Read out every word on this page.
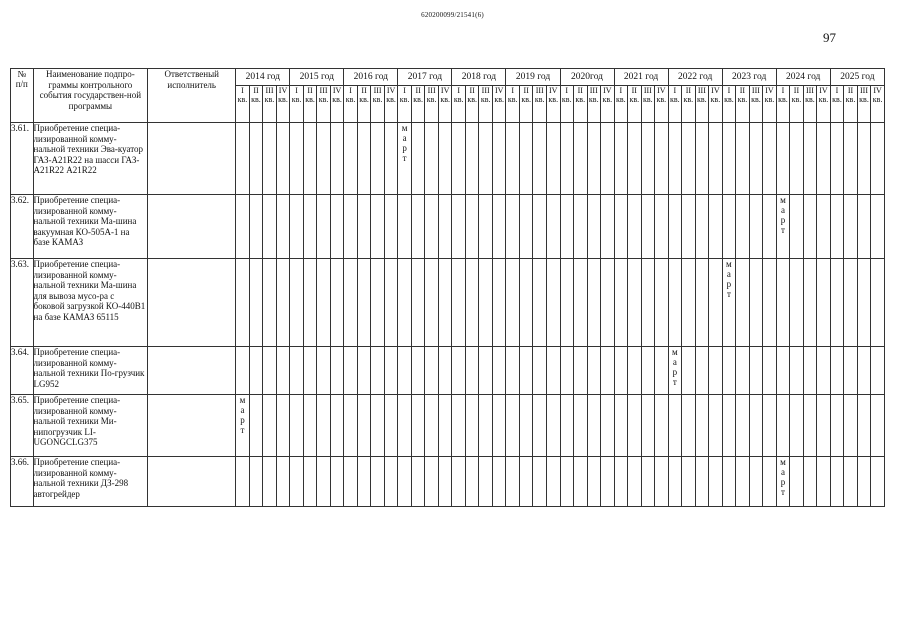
620200099/21541(6)
97
№
п/п	Наименование подпро-граммы контрольного события государствен-ной программы	Ответственый исполнитель	2014 год				2015 год				2016 год				2017 год				2018 год				2019 год				2020год				2021 год				2022 год				2023 год				2024 год				2025 год			
			I кв.	II кв.	III кв.	IV кв.	I кв.	II кв.	III кв.	IV кв.	I кв.	II кв.	III кв.	IV кв.	I кв.	II кв.	III кв.	IV кв.	I кв.	II кв.	III кв.	IV кв.	I кв.	II кв.	III кв.	IV кв.	I кв.	II кв.	III кв.	IV кв.	I кв.	II кв.	III кв.	IV кв.	I кв.	II кв.	III кв.	IV кв.	I кв.	II кв.	III кв.	IV кв.	I кв.	II кв.	III кв.	IV кв.	I кв.	II кв.	III кв.	IV кв.
3.61.	Приобретение специа-лизированной комму-нальной техники Эва-куатор ГАЗ-А21R22 на шасси ГАЗ-А21R22 А21R22														м
а
р
т																																			

3.62.	Приобретение специа-лизированной комму-нальной техники Ма-шина вакуумная КО-505А-1 на базе КАМАЗ																																										м
а
р
т							

3.63.	Приобретение специа-лизированной комму-нальной техники Ма-шина для вывоза мусо-ра с боковой загрузкой КО-440В1 на базе КАМАЗ 65115																																						м
а
р
т											

3.64.	Приобретение специа-лизированной комму-нальной техники По-грузчик LG952																																		м
а
р
т															

3.65.	Приобретение специа-лизированной комму-нальной техники Ми-нипогрузчик LI-UGONGCLG375		м
а
р
т																																															

3.66.	Приобретение специа-лизированной комму-нальной техники ДЗ-298 автогрейдер																																										м
а
р
т							
